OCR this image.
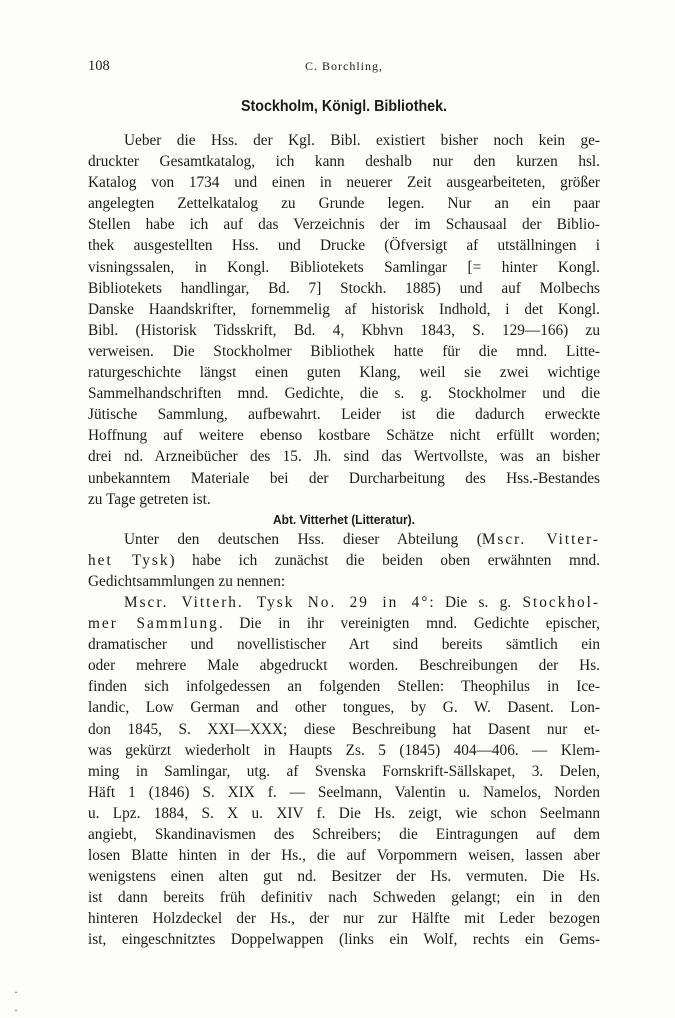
108	C. Borchling,
Stockholm, Königl. Bibliothek.
Ueber die Hss. der Kgl. Bibl. existiert bisher noch kein ge-
druckter Gesamtkatalog, ich kann deshalb nur den kurzen hsl.
Katalog von 1734 und einen in neuerer Zeit ausgearbeiteten, größer
angelegten Zettelkatalog zu Grunde legen. Nur an ein paar
Stellen habe ich auf das Verzeichnis der im Schausaal der Biblio-
thek ausgestellten Hss. und Drucke (Öfversigt af utställningen i
visningssalen, in Kongl. Bibliotekets Samlingar [= hinter Kongl.
Bibliotekets handlingar, Bd. 7] Stockh. 1885) und auf Molbechs
Danske Haandskrifter, fornemmelig af historisk Indhold, i det Kongl.
Bibl. (Historisk Tidsskrift, Bd. 4, Kbhvn 1843, S. 129—166) zu
verweisen. Die Stockholmer Bibliothek hatte für die mnd. Litte-
raturgeschichte längst einen guten Klang, weil sie zwei wichtige
Sammelhandschriften mnd. Gedichte, die s. g. Stockholmer und die
Jütische Sammlung, aufbewahrt. Leider ist die dadurch erweckte
Hoffnung auf weitere ebenso kostbare Schätze nicht erfüllt worden;
drei nd. Arzneibücher des 15. Jh. sind das Wertvollste, was an bisher
unbekanntem Materiale bei der Durcharbeitung des Hss.-Bestandes
zu Tage getreten ist.
Abt. Vitterhet (Litteratur).
Unter den deutschen Hss. dieser Abteilung (Mscr. Vitter-
het Tysk) habe ich zunächst die beiden oben erwähnten mnd.
Gedichtsammlungen zu nennen:
Mscr. Vitterh. Tysk No. 29 in 4°: Die s. g. Stockhol-
mer Sammlung. Die in ihr vereinigten mnd. Gedichte epischer,
dramatischer und novellistischer Art sind bereits sämtlich ein
oder mehrere Male abgedruckt worden. Beschreibungen der Hs.
finden sich infolgedessen an folgenden Stellen: Theophilus in Ice-
landic, Low German and other tongues, by G. W. Dasent. Lon-
don 1845, S. XXI—XXX; diese Beschreibung hat Dasent nur et-
was gekürzt wiederholt in Haupts Zs. 5 (1845) 404—406. — Klem-
ming in Samlingar, utg. af Svenska Fornskrift-Sällskapet, 3. Delen,
Häft 1 (1846) S. XIX f. — Seelmann, Valentin u. Namelos, Norden
u. Lpz. 1884, S. X u. XIV f. Die Hs. zeigt, wie schon Seelmann
angiebt, Skandinavismen des Schreibers; die Eintragungen auf dem
losen Blatte hinten in der Hs., die auf Vorpommern weisen, lassen aber
wenigstens einen alten gut nd. Besitzer der Hs. vermuten. Die Hs.
ist dann bereits früh definitiv nach Schweden gelangt; ein in den
hinteren Holzdeckel der Hs., der nur zur Hälfte mit Leder bezogen
ist, eingeschnitztes Doppelwappen (links ein Wolf, rechts ein Gems-
·
·
